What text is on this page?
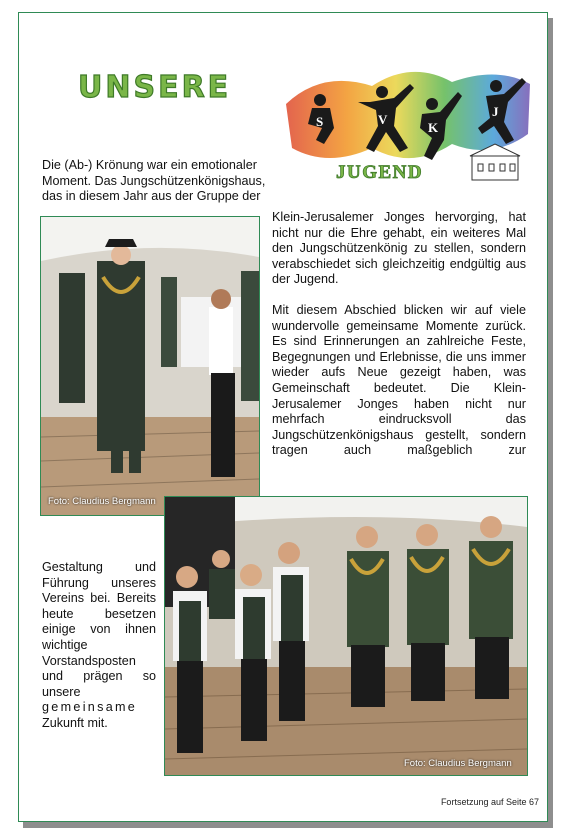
UNSERE
S	V
K
J
JUGEND

Die (Ab-) Krönung war ein emotionaler Moment. Das Jungschützenkönigshaus, das in diesem Jahr aus der Gruppe der

Klein-Jerusalemer Jonges hervorging, hat nicht nur die Ehre gehabt, ein weiteres Mal den Jungschützenkönig zu stellen, sondern verabschiedet sich gleichzeitig endgültig aus der Jugend.

Mit diesem Abschied blicken wir auf viele wundervolle gemeinsame Momente zurück. Es sind Erinnerungen an zahlreiche Feste, Begegnungen und Erlebnisse, die uns immer wieder aufs Neue gezeigt haben, was Gemeinschaft bedeutet. Die Klein-Jerusalemer Jonges haben nicht nur mehrfach eindrucksvoll das Jungschützenkönigshaus gestellt, sondern tragen auch maßgeblich zur

Foto: Claudius Bergmann

Gestaltung und Führung unseres Vereins bei. Bereits heute besetzen einige von ihnen wichtige Vorstandsposten und prägen so unsere

gemeinsame

Zukunft mit.

Foto: Claudius Bergmann
Fortsetzung auf Seite 67
